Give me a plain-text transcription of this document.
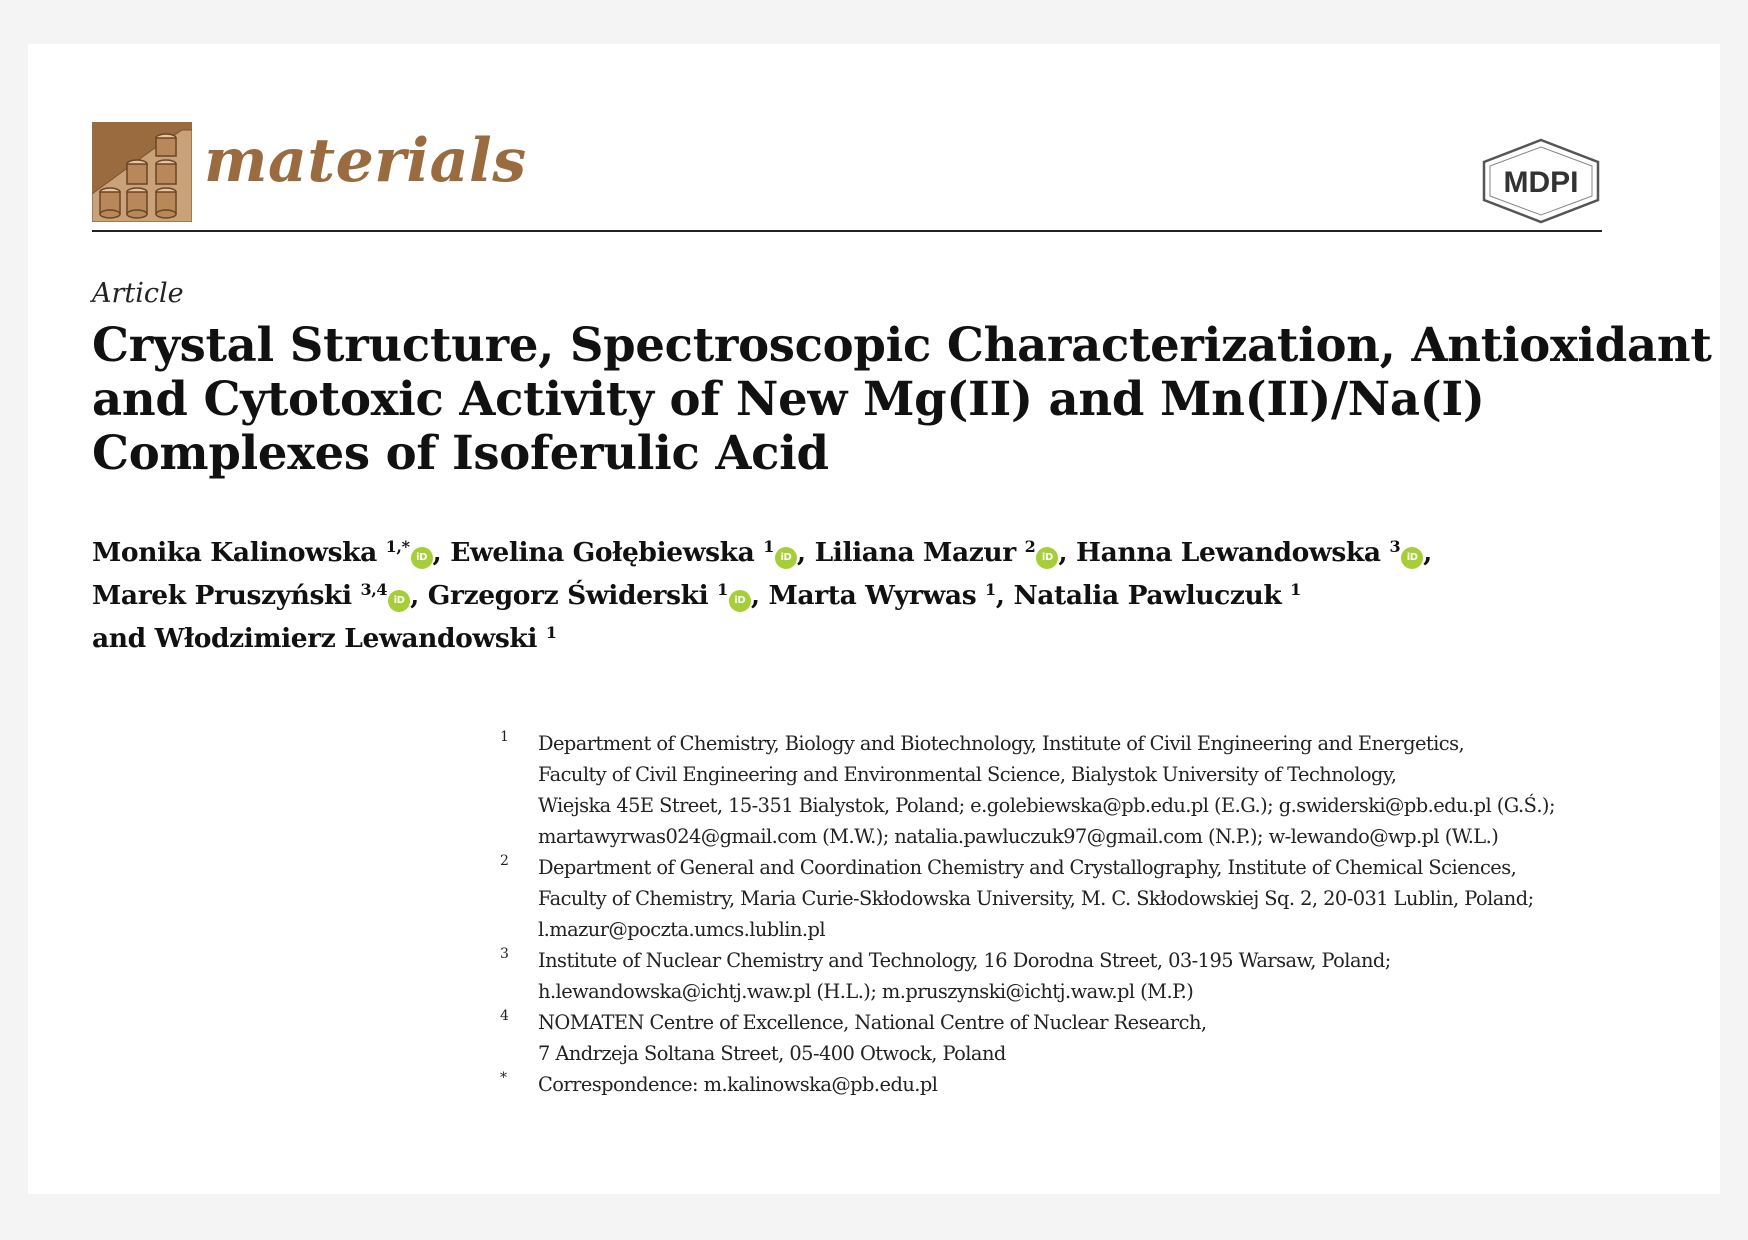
materials	MDPI
Article
Crystal Structure, Spectroscopic Characterization, Antioxidant
and Cytotoxic Activity of New Mg(II) and Mn(II)/Na(I)
Complexes of Isoferulic Acid
Monika Kalinowska $^{1,*}$iD , Ewelina Gołębiewska $^1$iD , Liliana Mazur $^2$iD , Hanna Lewandowska $^3$iD ,
Marek Pruszyński $^{3,4}$iD , Grzegorz Świderski $^1$iD , Marta Wyrwas $^1$, Natalia Pawluczuk $^1$
and Włodzimierz Lewandowski $^1$
1 Department of Chemistry, Biology and Biotechnology, Institute of Civil Engineering and Energetics,
Faculty of Civil Engineering and Environmental Science, Bialystok University of Technology,
Wiejska 45E Street, 15-351 Bialystok, Poland; e.golebiewska@pb.edu.pl (E.G.); g.swiderski@pb.edu.pl (G.Ś.);
martawyrwas024@gmail.com (M.W.); natalia.pawluczuk97@gmail.com (N.P.); w-lewando@wp.pl (W.L.)
2 Department of General and Coordination Chemistry and Crystallography, Institute of Chemical Sciences,
Faculty of Chemistry, Maria Curie-Skłodowska University, M. C. Skłodowskiej Sq. 2, 20-031 Lublin, Poland;
l.mazur@poczta.umcs.lublin.pl
3 Institute of Nuclear Chemistry and Technology, 16 Dorodna Street, 03-195 Warsaw, Poland;
h.lewandowska@ichtj.waw.pl (H.L.); m.pruszynski@ichtj.waw.pl (M.P.)
4 NOMATEN Centre of Excellence, National Centre of Nuclear Research,
7 Andrzeja Soltana Street, 05-400 Otwock, Poland
* Correspondence: m.kalinowska@pb.edu.pl
